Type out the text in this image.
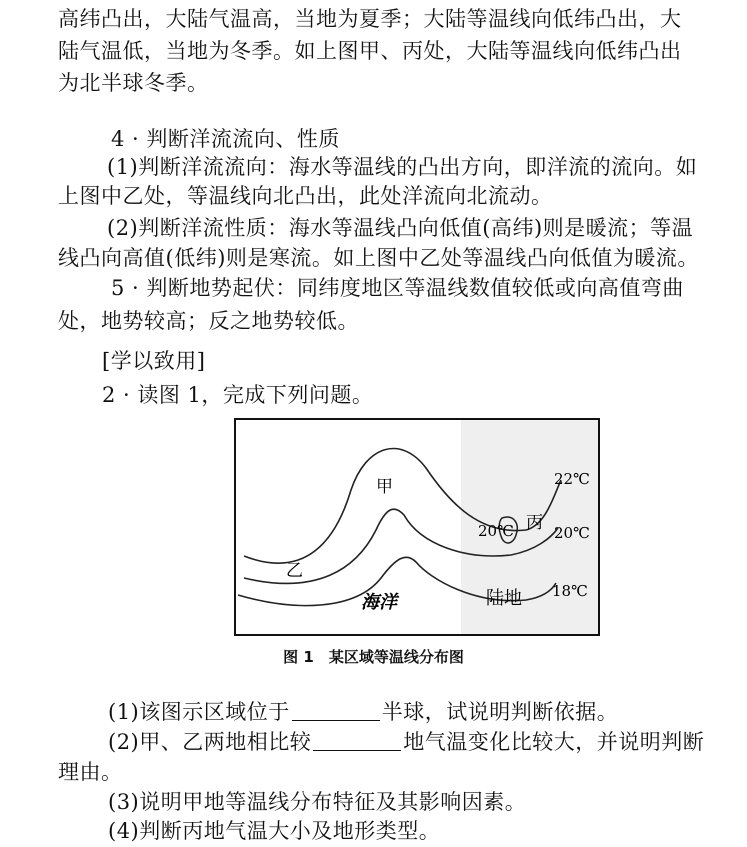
高纬凸出，大陆气温高，当地为夏季；大陆等温线向低纬凸出，大
陆气温低，当地为冬季。如上图甲、丙处，大陆等温线向低纬凸出
为北半球冬季。
4 · 判断洋流流向、性质
(1)判断洋流流向：海水等温线的凸出方向，即洋流的流向。如
上图中乙处，等温线向北凸出，此处洋流向北流动。
(2)判断洋流性质：海水等温线凸向低值(高纬)则是暖流；等温
线凸向高值(低纬)则是寒流。如上图中乙处等温线凸向低值为暖流。
5 · 判断地势起伏：同纬度地区等温线数值较低或向高值弯曲
处，地势较高；反之地势较低。
[学以致用]
2 · 读图 1，完成下列问题。
甲
乙
丙
海洋	陆地
22℃
20℃
20℃
18℃
图 1　某区域等温线分布图
(1)该图示区域位于	半球，试说明判断依据。
(2)甲、乙两地相比较	地气温变化比较大，并说明判断
理由。
(3)说明甲地等温线分布特征及其影响因素。
(4)判断丙地气温大小及地形类型。
